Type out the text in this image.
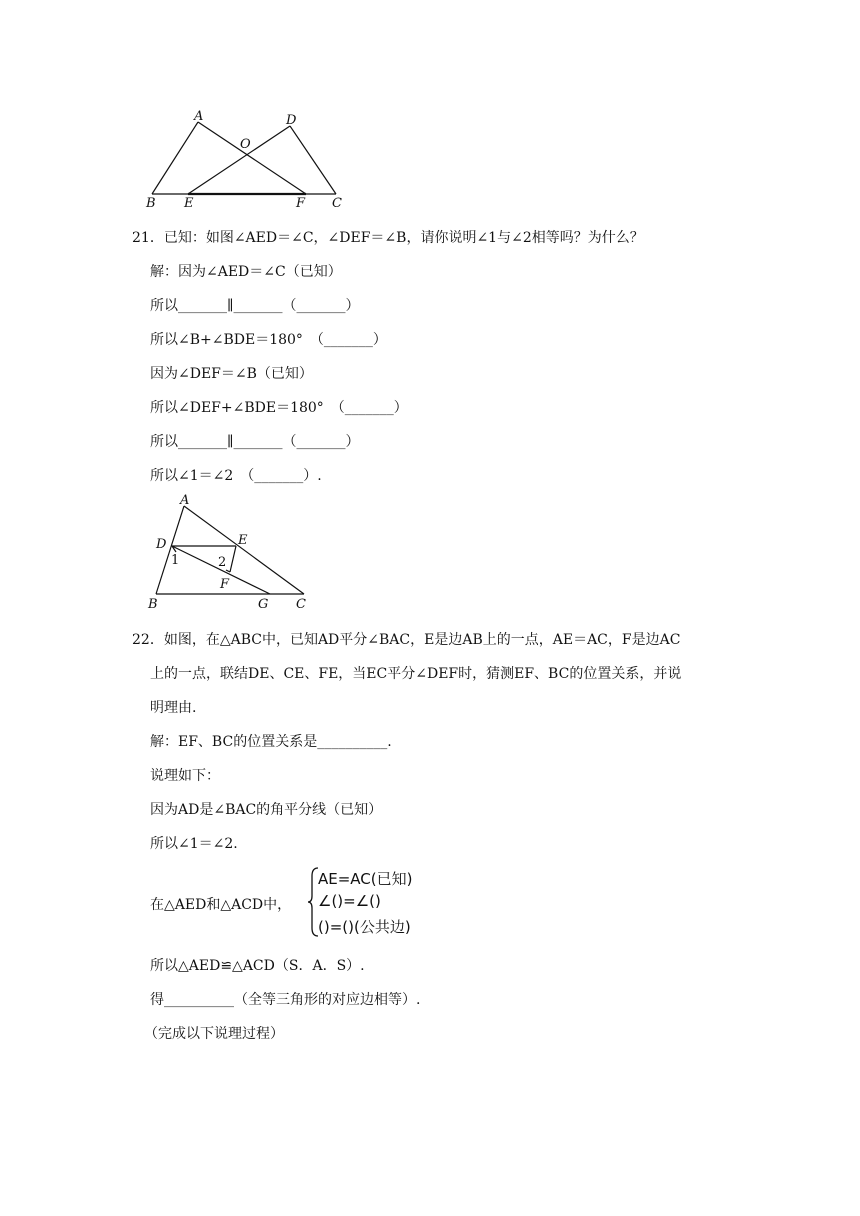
A	D
O
B E	F C
21．已知：如图∠AED＝∠C，∠DEF＝∠B，请你说明∠1与∠2相等吗？为什么？
解：因为∠AED＝∠C（已知）
所以_______∥_______（_______）
所以∠B+∠BDE＝180°　（_______）
因为∠DEF＝∠B（已知）
所以∠DEF+∠BDE＝180°　（_______）
所以_______∥_______（_______）
所以∠1＝∠2　（_______）.
A
D	E
1	2
F
B	G C
22．如图，在△ABC中，已知AD平分∠BAC，E是边AB上的一点，AE＝AC，F是边AC
上的一点，联结DE、CE、FE，当EC平分∠DEF时，猜测EF、BC的位置关系，并说
明理由.
解：EF、BC的位置关系是__________.
说理如下：
因为AD是∠BAC的角平分线（已知）
所以∠1＝∠2.
在△AED和△ACD中，
AE=AC(已知)
∠()=∠()
()=()(公共边)
所以△AED≌△ACD（S．A．S）.
得__________（全等三角形的对应边相等）.
（完成以下说理过程）
